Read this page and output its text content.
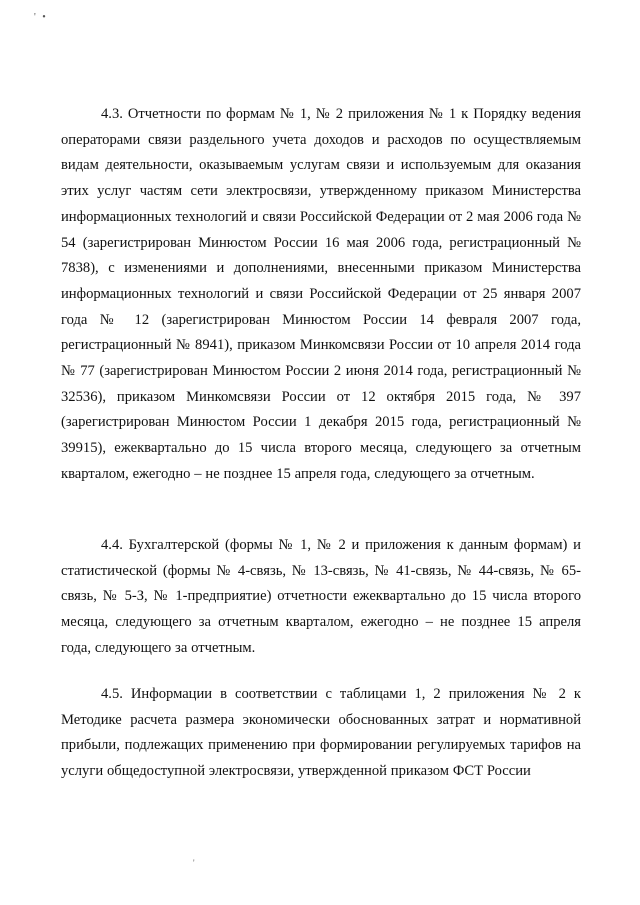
' •

4.3. Отчетности по формам № 1, № 2 приложения № 1 к Порядку ведения операторами связи раздельного учета доходов и расходов по осуществляемым видам деятельности, оказываемым услугам связи и используемым для оказания этих услуг частям сети электросвязи, утвержденному приказом Министерства информационных технологий и связи Российской Федерации от 2 мая 2006 года № 54 (зарегистрирован Минюстом России 16 мая 2006 года, регистрационный № 7838), с изменениями и дополнениями, внесенными приказом Министерства информационных технологий и связи Российской Федерации от 25 января 2007 года № 12 (зарегистрирован Минюстом России 14 февраля 2007 года, регистрационный № 8941), приказом Минкомсвязи России от 10 апреля 2014 года № 77 (зарегистрирован Минюстом России 2 июня 2014 года, регистрационный № 32536), приказом Минкомсвязи России от 12 октября 2015 года, № 397 (зарегистрирован Минюстом России 1 декабря 2015 года, регистрационный № 39915), ежеквартально до 15 числа второго месяца, следующего за отчетным кварталом, ежегодно – не позднее 15 апреля года, следующего за отчетным.

4.4. Бухгалтерской (формы № 1, № 2 и приложения к данным формам) и статистической (формы № 4-связь, № 13-связь, № 41-связь, № 44-связь, № 65-связь, № 5-З, № 1-предприятие) отчетности ежеквартально до 15 числа второго месяца, следующего за отчетным кварталом, ежегодно – не позднее 15 апреля года, следующего за отчетным.

4.5. Информации в соответствии с таблицами 1, 2 приложения № 2 к Методике расчета размера экономически обоснованных затрат и нормативной прибыли, подлежащих применению при формировании регулируемых тарифов на услуги общедоступной электросвязи, утвержденной приказом ФСТ России

'
